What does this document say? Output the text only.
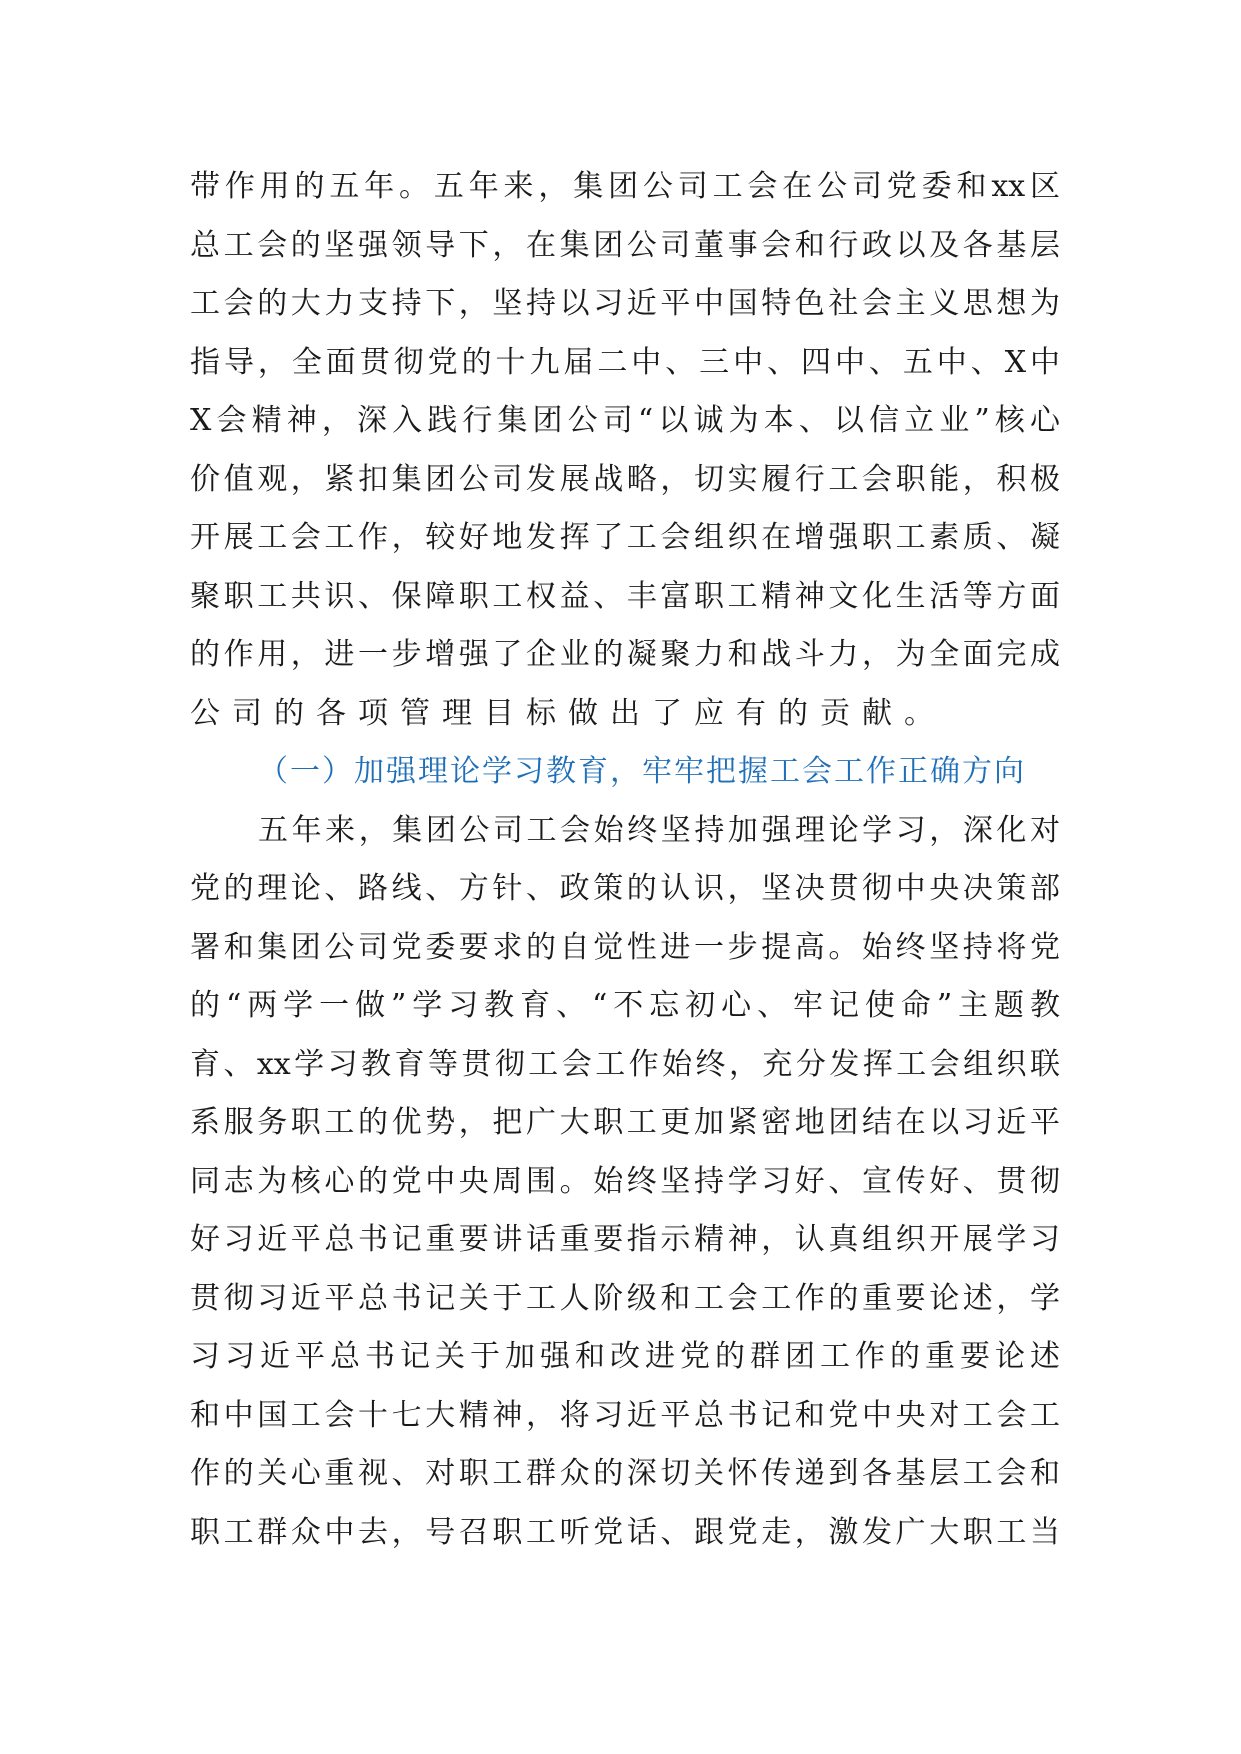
带作用的五年。五年来，集团公司工会在公司党委和xx区
总工会的坚强领导下，在集团公司董事会和行政以及各基层
工会的大力支持下，坚持以习近平中国特色社会主义思想为
指导，全面贯彻党的十九届二中、三中、四中、五中、X中
X会精神，深入践行集团公司“以诚为本、以信立业”核心
价值观，紧扣集团公司发展战略，切实履行工会职能，积极
开展工会工作，较好地发挥了工会组织在增强职工素质、凝
聚职工共识、保障职工权益、丰富职工精神文化生活等方面
的作用，进一步增强了企业的凝聚力和战斗力，为全面完成
公司的各项管理目标做出了应有的贡献。
（一）加强理论学习教育，牢牢把握工会工作正确方向
五年来，集团公司工会始终坚持加强理论学习，深化对
党的理论、路线、方针、政策的认识，坚决贯彻中央决策部
署和集团公司党委要求的自觉性进一步提高。始终坚持将党
的“两学一做”学习教育、“不忘初心、牢记使命”主题教
育、xx学习教育等贯彻工会工作始终，充分发挥工会组织联
系服务职工的优势，把广大职工更加紧密地团结在以习近平
同志为核心的党中央周围。始终坚持学习好、宣传好、贯彻
好习近平总书记重要讲话重要指示精神，认真组织开展学习
贯彻习近平总书记关于工人阶级和工会工作的重要论述，学
习习近平总书记关于加强和改进党的群团工作的重要论述
和中国工会十七大精神，将习近平总书记和党中央对工会工
作的关心重视、对职工群众的深切关怀传递到各基层工会和
职工群众中去，号召职工听党话、跟党走，激发广大职工当
